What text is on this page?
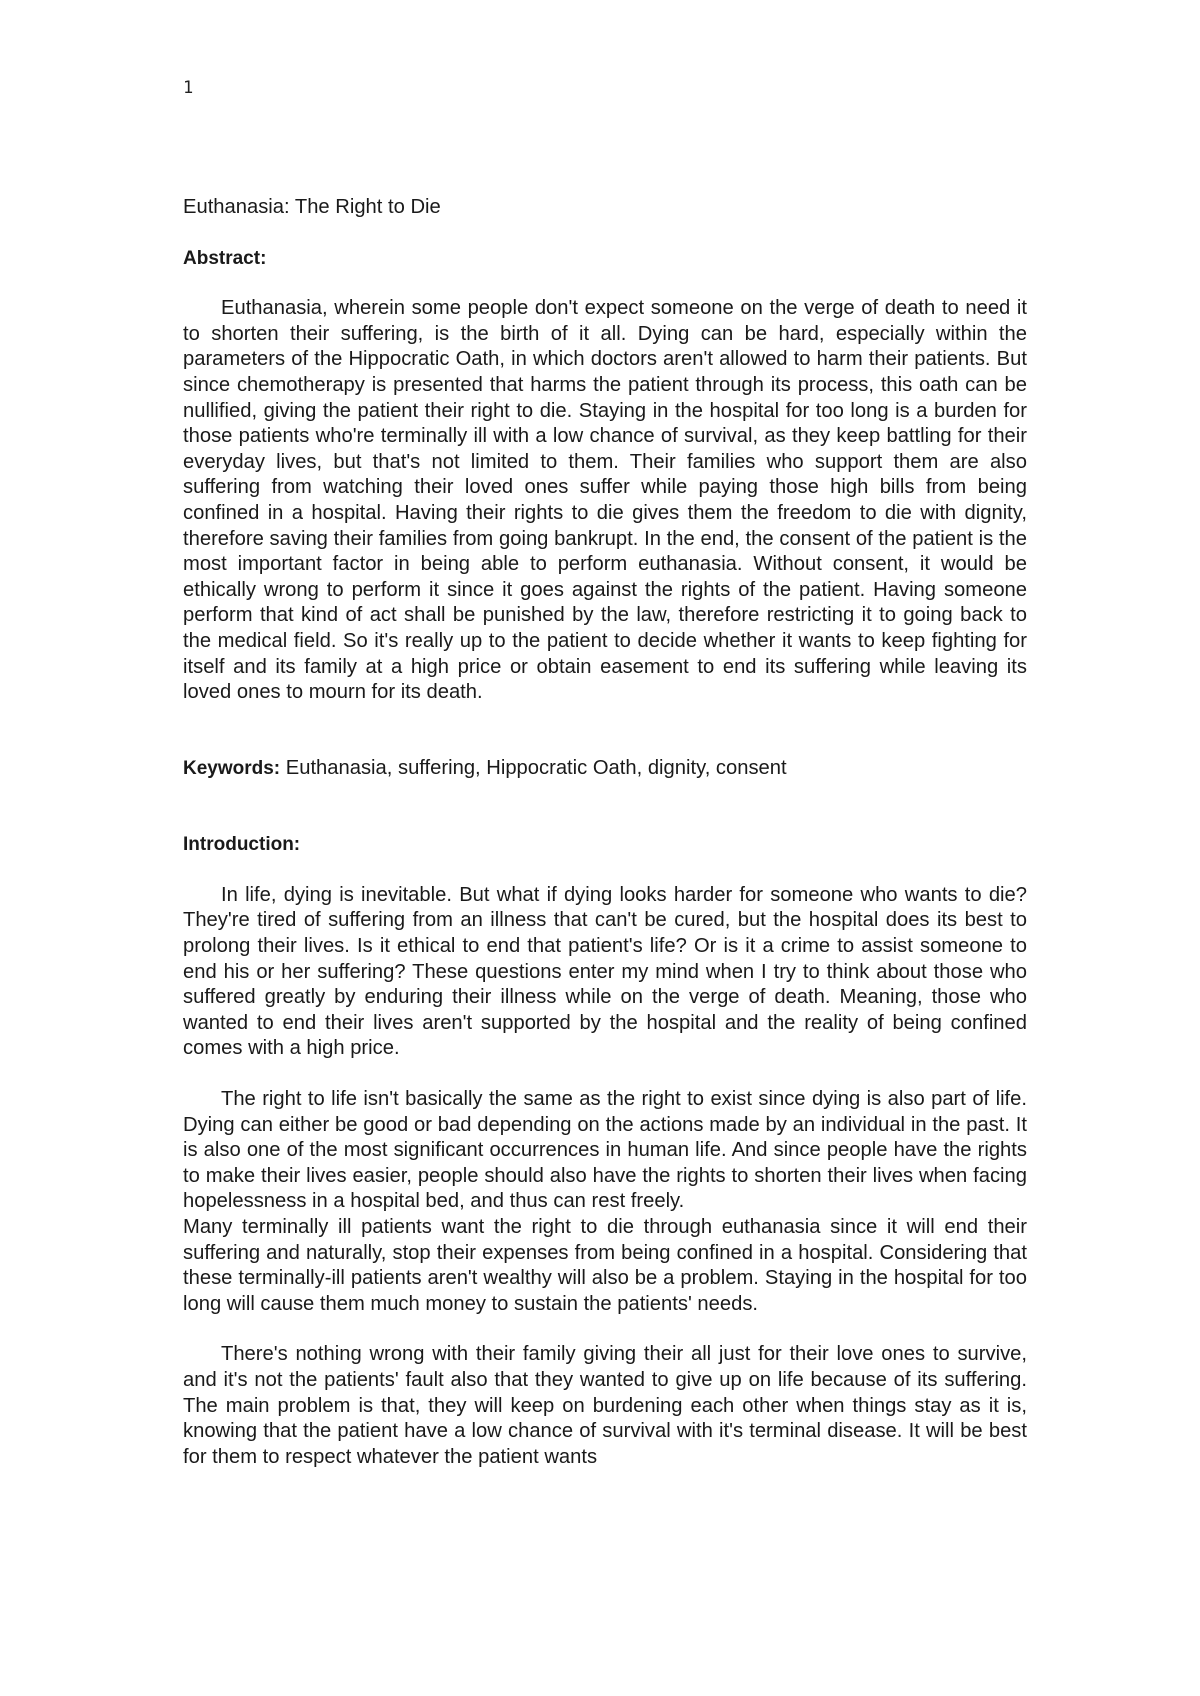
1
Euthanasia: The Right to Die
Abstract:

Euthanasia, wherein some people don't expect someone on the verge of death to need it to shorten their suffering, is the birth of it all. Dying can be hard, especially within the parameters of the Hippocratic Oath, in which doctors aren't allowed to harm their patients. But since chemotherapy is presented that harms the patient through its process, this oath can be nullified, giving the patient their right to die. Staying in the hospital for too long is a burden for those patients who're terminally ill with a low chance of survival, as they keep battling for their everyday lives, but that's not limited to them. Their families who support them are also suffering from watching their loved ones suffer while paying those high bills from being confined in a hospital. Having their rights to die gives them the freedom to die with dignity, therefore saving their families from going bankrupt. In the end, the consent of the patient is the most important factor in being able to perform euthanasia. Without consent, it would be ethically wrong to perform it since it goes against the rights of the patient. Having someone perform that kind of act shall be punished by the law, therefore restricting it to going back to the medical field. So it's really up to the patient to decide whether it wants to keep fighting for itself and its family at a high price or obtain easement to end its suffering while leaving its loved ones to mourn for its death.

Keywords: Euthanasia, suffering, Hippocratic Oath, dignity, consent

Introduction:

In life, dying is inevitable. But what if dying looks harder for someone who wants to die? They're tired of suffering from an illness that can't be cured, but the hospital does its best to prolong their lives. Is it ethical to end that patient's life? Or is it a crime to assist someone to end his or her suffering? These questions enter my mind when I try to think about those who suffered greatly by enduring their illness while on the verge of death. Meaning, those who wanted to end their lives aren't supported by the hospital and the reality of being confined comes with a high price.

The right to life isn't basically the same as the right to exist since dying is also part of life. Dying can either be good or bad depending on the actions made by an individual in the past. It is also one of the most significant occurrences in human life. And since people have the rights to make their lives easier, people should also have the rights to shorten their lives when facing hopelessness in a hospital bed, and thus can rest freely.

Many terminally ill patients want the right to die through euthanasia since it will end their suffering and naturally, stop their expenses from being confined in a hospital. Considering that these terminally-ill patients aren't wealthy will also be a problem. Staying in the hospital for too long will cause them much money to sustain the patients' needs.

There's nothing wrong with their family giving their all just for their love ones to survive, and it's not the patients' fault also that they wanted to give up on life because of its suffering. The main problem is that, they will keep on burdening each other when things stay as it is, knowing that the patient have a low chance of survival with it's terminal disease. It will be best for them to respect whatever the patient wants
